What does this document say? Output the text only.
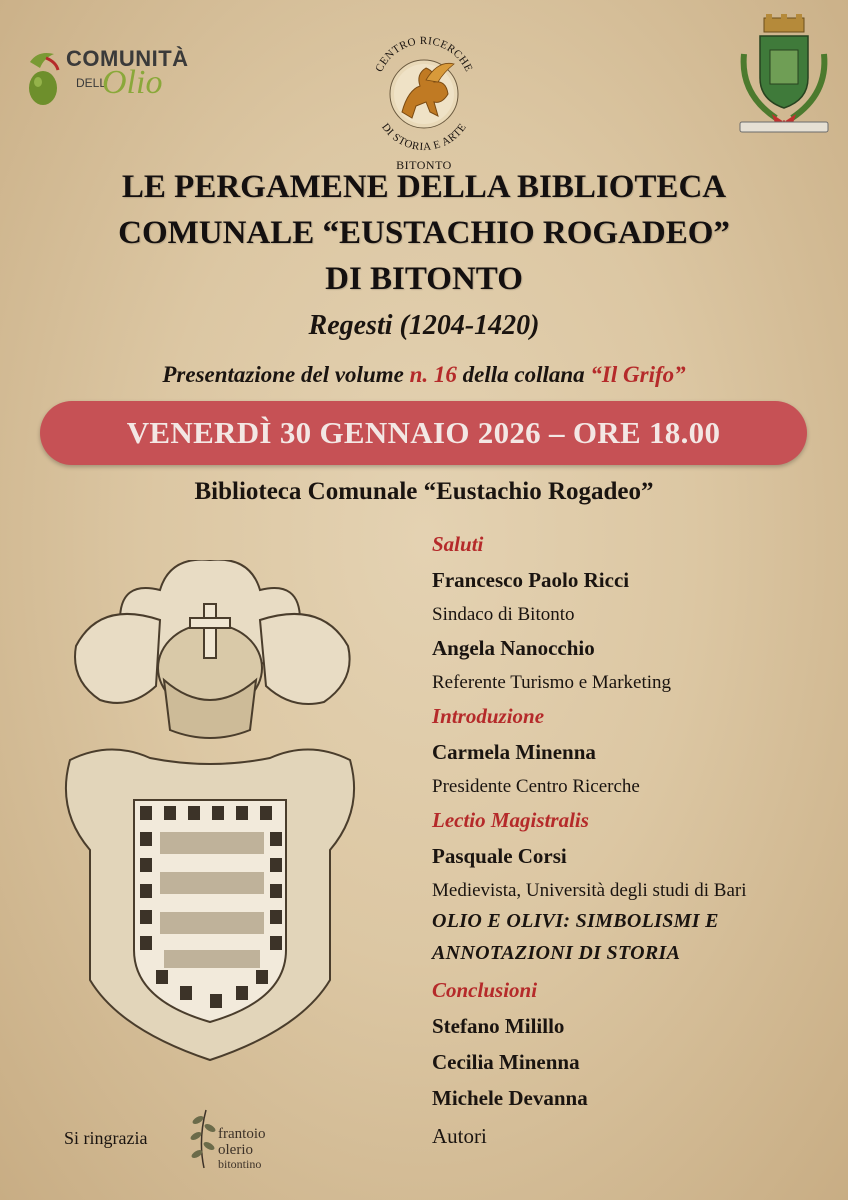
COMUNITÀ
DELL'
Olio	CENTRO RICERCHE
DI STORIA E ARTE
BITONTO
LE PERGAMENE DELLA BIBLIOTECA
COMUNALE “EUSTACHIO ROGADEO”
DI BITONTO
Regesti (1204-1420)
Presentazione del volume n. 16 della collana “Il Grifo”
VENERDÌ 30 GENNAIO 2026 – ORE 18.00
Biblioteca Comunale “Eustachio Rogadeo”
Saluti
Francesco Paolo Ricci
Sindaco di Bitonto
Angela Nanocchio
Referente Turismo e Marketing
Introduzione
Carmela Minenna
Presidente Centro Ricerche
Lectio Magistralis
Pasquale Corsi
Medievista, Università degli studi di Bari
OLIO E OLIVI: SIMBOLISMI E
ANNOTAZIONI DI STORIA
Conclusioni
Stefano Milillo
Cecilia Minenna
Michele Devanna
Autori
Si ringrazia	frantoio
olerio
bitontino
